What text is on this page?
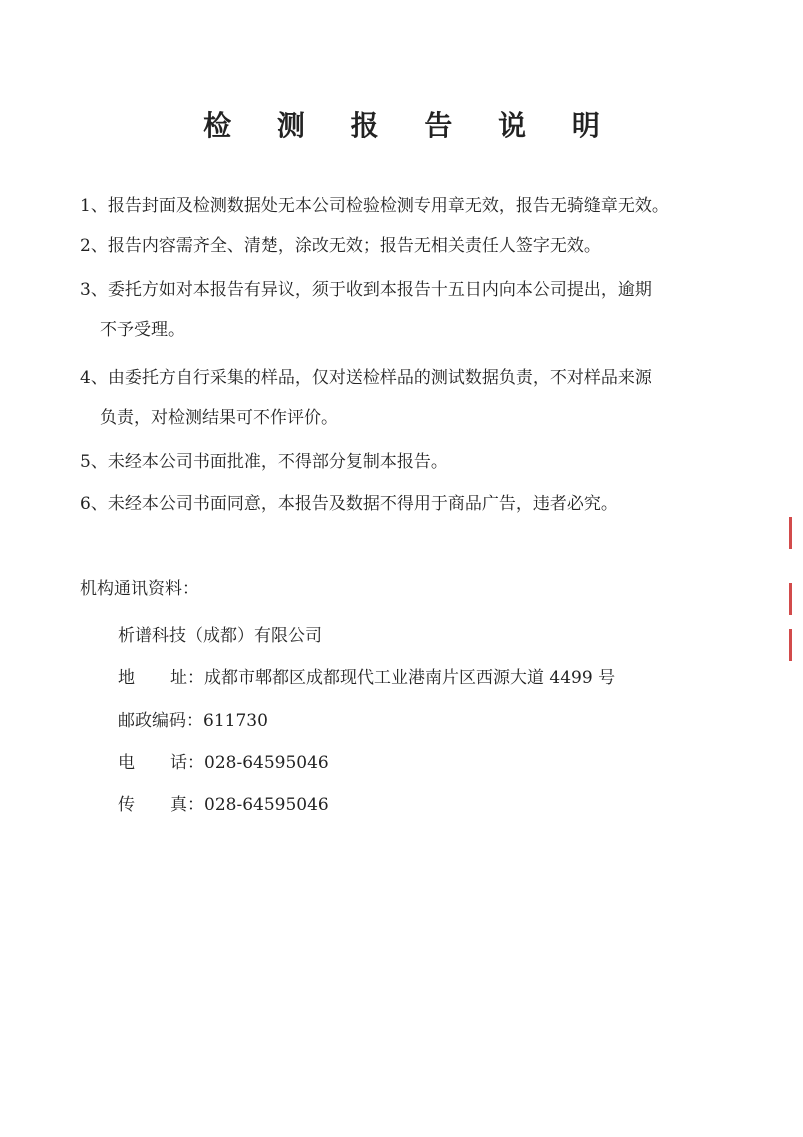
检 测 报 告 说 明
1、报告封面及检测数据处无本公司检验检测专用章无效，报告无骑缝章无效。
2、报告内容需齐全、清楚，涂改无效；报告无相关责任人签字无效。
3、委托方如对本报告有异议，须于收到本报告十五日内向本公司提出，逾期
不予受理。
4、由委托方自行采集的样品，仅对送检样品的测试数据负责，不对样品来源
负责，对检测结果可不作评价。
5、未经本公司书面批准，不得部分复制本报告。
6、未经本公司书面同意，本报告及数据不得用于商品广告，违者必究。
机构通讯资料：
析谱科技（成都）有限公司
地 址： 成都市郫都区成都现代工业港南片区西源大道 4499 号
邮政编码：611730
电 话： 028-64595046
传 真： 028-64595046
